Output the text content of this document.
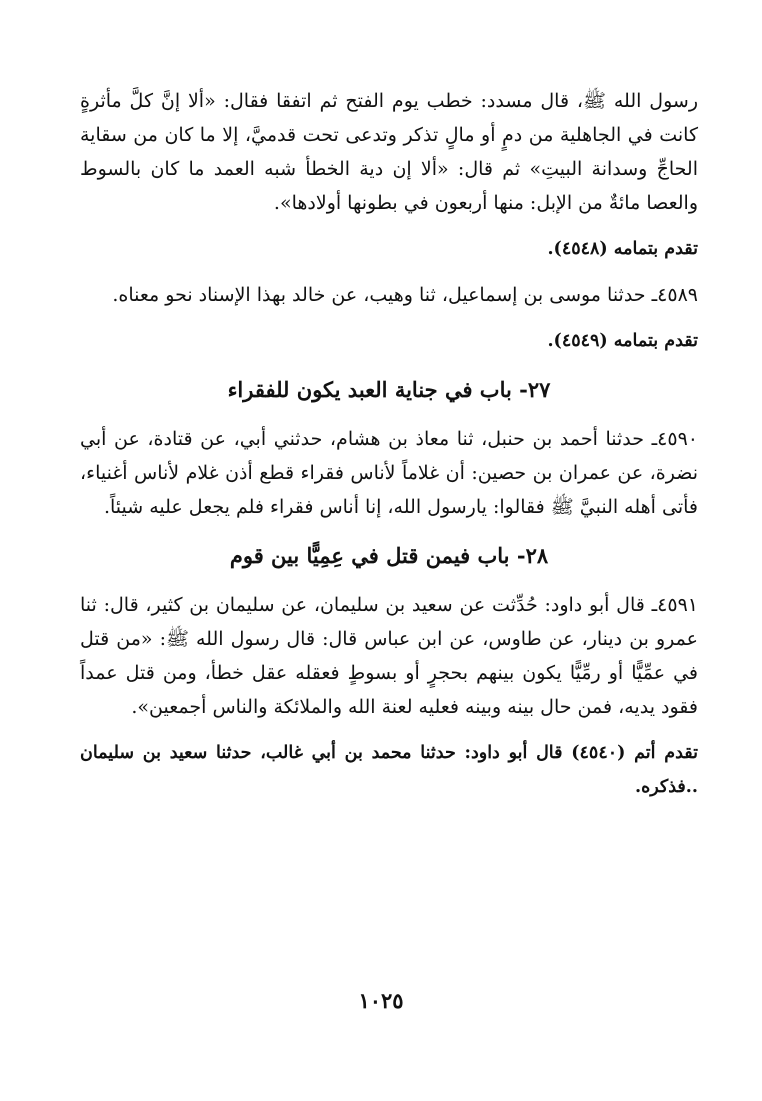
رسول الله ﷺ، قال مسدد: خطب يوم الفتح ثم اتفقا فقال: «ألا إنَّ كلَّ مأثرةٍ كانت في الجاهلية من دمٍ أو مالٍ تذكر وتدعى تحت قدميَّ، إلا ما كان من سقاية الحاجِّ وسدانة البيتِ» ثم قال: «ألا إن دية الخطأ شبه العمد ما كان بالسوط والعصا مائةٌ من الإبل: منها أربعون في بطونها أولادها».

تقدم بتمامه (٤٥٤٨).

٤٥٨٩ـ حدثنا موسى بن إسماعيل، ثنا وهيب، عن خالد بهذا الإسناد نحو معناه.

تقدم بتمامه (٤٥٤٩).

٢٧- باب في جناية العبد يكون للفقراء

٤٥٩٠ـ حدثنا أحمد بن حنبل، ثنا معاذ بن هشام، حدثني أبي، عن قتادة، عن أبي نضرة، عن عمران بن حصين: أن غلاماً لأناس فقراء قطع أذن غلام لأناس أغنياء، فأتى أهله النبيَّ ﷺ فقالوا: يارسول الله، إنا أناس فقراء فلم يجعل عليه شيئاً.

٢٨- باب فيمن قتل في عِمِيًّا بين قوم

٤٥٩١ـ قال أبو داود: حُدِّثت عن سعيد بن سليمان، عن سليمان بن كثير، قال: ثنا عمرو بن دينار، عن طاوس، عن ابن عباس قال: قال رسول الله ﷺ: «من قتل في عمِّيًّا أو رمِّيًّا يكون بينهم بحجرٍ أو بسوطٍ فعقله عقل خطأ، ومن قتل عمداً فقود يديه، فمن حال بينه وبينه فعليه لعنة الله والملائكة والناس أجمعين».

تقدم أتم (٤٥٤٠) قال أبو داود: حدثنا محمد بن أبي غالب، حدثنا سعيد بن سليمان ..فذكره.

١٠٢٥
